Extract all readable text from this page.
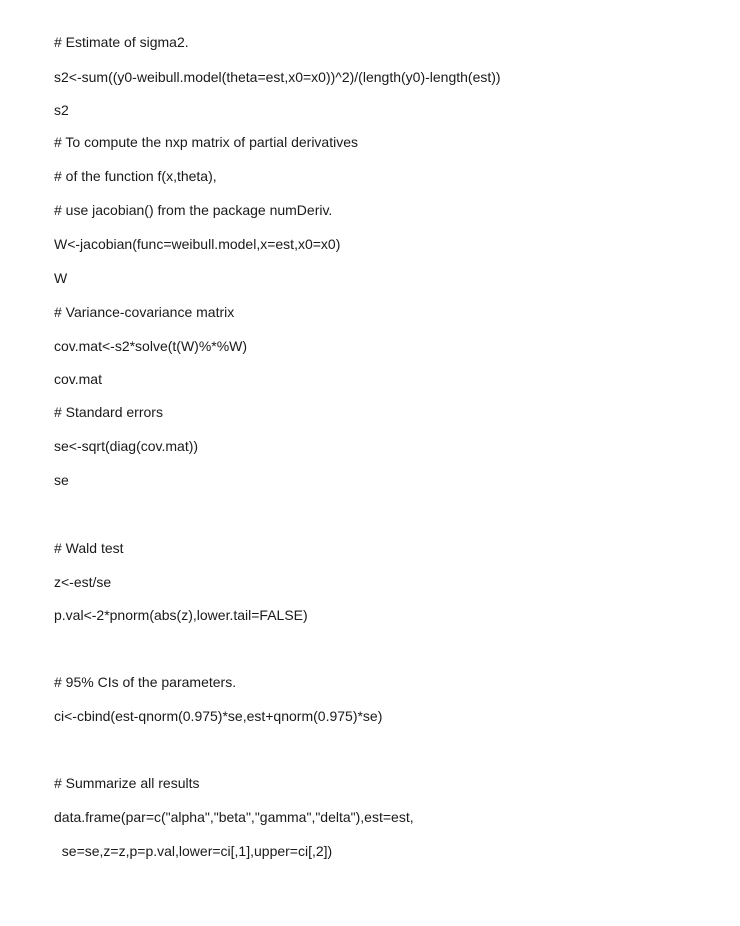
# Estimate of sigma2.
s2<-sum((y0-weibull.model(theta=est,x0=x0))^2)/(length(y0)-length(est))
s2
# To compute the nxp matrix of partial derivatives
# of the function f(x,theta),
# use jacobian() from the package numDeriv.
W<-jacobian(func=weibull.model,x=est,x0=x0)
W
# Variance-covariance matrix
cov.mat<-s2*solve(t(W)%*%W)
cov.mat
# Standard errors
se<-sqrt(diag(cov.mat))
se
# Wald test
z<-est/se
p.val<-2*pnorm(abs(z),lower.tail=FALSE)
# 95% CIs of the parameters.
ci<-cbind(est-qnorm(0.975)*se,est+qnorm(0.975)*se)
# Summarize all results
data.frame(par=c("alpha","beta","gamma","delta"),est=est,
se=se,z=z,p=p.val,lower=ci[,1],upper=ci[,2])
